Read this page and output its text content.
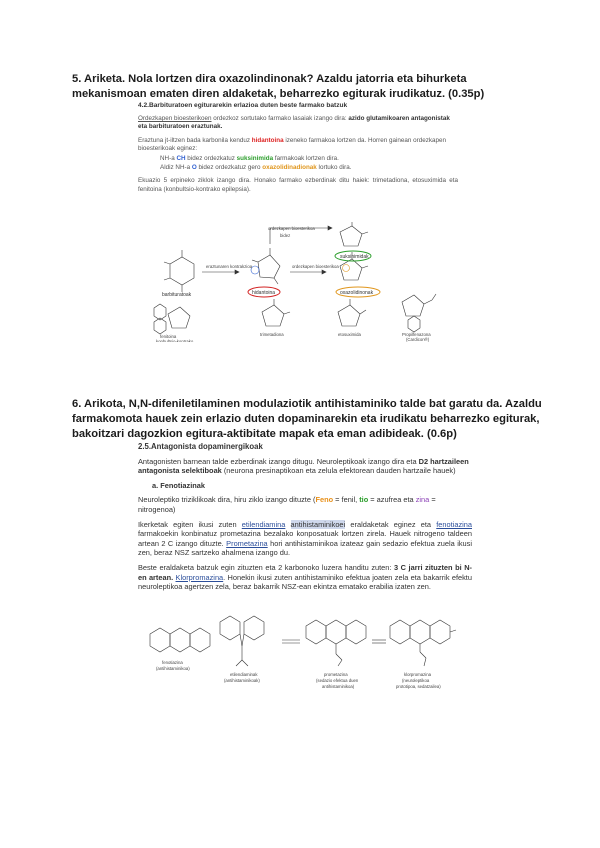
5. Ariketa. Nola lortzen dira oxazolindinonak? Azaldu jatorria eta bihurketa mekanismoan ematen diren aldaketak, beharrezko egiturak irudikatuz. (0.35p)
4.2.Barbituratoen egiturarekin erlazioa duten beste farmako batzuk
Ordezkapen bioesterikoen ordezkoz sortutako farmako lasaiak izango dira: azido glutamikoaren antagonistak eta barbituratoen eraztunak.
Eraztuna jt-iltzen bada karbonila kenduz hidantoina izeneko farmakoa lortzen da. Horren gainean ordezkapen bioesterikoak eginez:
NH-a CH bidez ordezkatuz suksinimida farmakoak lortzen dira.
Aldiz NH-a O bidez ordezkatuz gero oxazolidinadionak lortuko dira.
Ekuazio 5 erpineko ziklok izango dira. Honako farmako ezberdinak ditu haiek: trimetadiona, etosuximida eta fenitoina (konbultsio-kontrako epilepsia).
ordezkapen bioesterikoa
bidez
eraztunaren kontrakzioa	ordezkapen bioesterikoa
barbituratoak	hidantoina
suksinimidak
oxazolidinonak
fenitoina
konbultsio-kontrako
trimetadiona	etosuximida	Propilfenazona
(Cardicon®)
6. Arikota, N,N-difeniletilaminen modulaziotik antihistaminiko talde bat garatu da. Azaldu farmakomota hauek zein erlazio duten dopaminarekin eta irudikatu beharrezko egiturak, bakoitzari dagozkion egitura-aktibitate mapak eta eman adibideak. (0.6p)
2.5.Antagonista dopaminergikoak
Antagonisten barnean talde ezberdinak izango ditugu. Neuroleptikoak izango dira eta D2 hartzaileen antagonista selektiboak (neurona presinaptikoan eta zelula efektorean dauden hartzaile hauek)
a. Fenotiazinak
Neuroleptiko triziklikoak dira, hiru ziklo izango dituzte (Feno = fenil, tio = azufrea eta zina = nitrogenoa)
Ikerketak egiten ikusi zuten etilendiamina antihistaminikoei eraldaketak eginez eta fenotiazina farmakoekin konbinatuz prometazina bezalako konposatuak lortzen zirela. Hauek nitrogeno taldeen artean 2 C izango dituzte. Prometazina hori antihistaminikoa izateaz gain sedazio efektua zuela ikusi zen, beraz NSZ sartzeko ahalmena izango du.
Beste eraldaketa batzuk egin zituzten eta 2 karbonoko luzera handitu zuten: 3 C jarri zituzten bi N-en artean. Klorpromazina. Honekin ikusi zuten antihistaminiko efektua joaten zela eta bakarrik efektu neuroleptikoa agertzen zela, beraz bakarrik NSZ-ean ekintza ematako erabilia izaten zen.
fenotiazina
(antihistaminikoa)
etilendiaminak
(antihistaminikoak)
prometazina
(sedazio efektua duen
antihistaminikoa)
klorpromazina
(neuroleptikoa
prototipoa, sedatzailea)
